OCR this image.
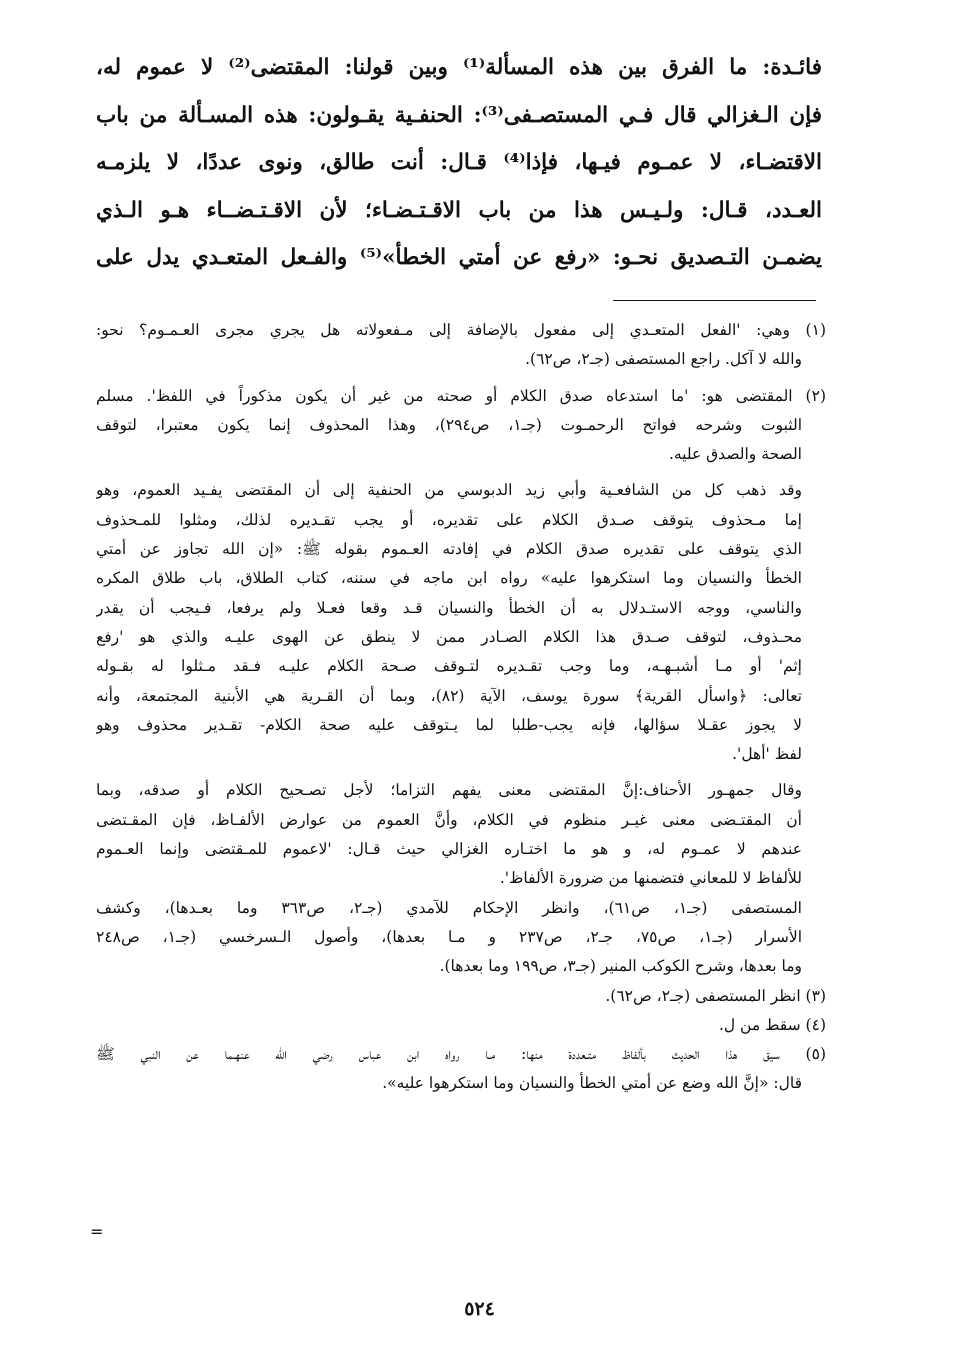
فائـدة: ما الفرق بين هذه المسألة⁽¹⁾ وبين قولنا: المقتضى⁽²⁾ لا عموم له،
فإن الـغزالي قال فـي المستصـفى⁽³⁾: الحنفـية يقـولون: هذه المسـألة من باب
الاقتضـاء، لا عمـوم فيـها، فإذا⁽⁴⁾ قـال: أنت طالق، ونوى عددًا، لا يلزمـه
العـدد، قـال: ولـيـس هذا من باب الاقـتـضـاء؛ لأن الاقـتـضــاء هـو الـذي
يضمـن التـصديق نحـو: «رفع عن أمتي الخطأ»⁽⁵⁾ والفـعل المتعـدي يدل على
(١) وهي: 'الفعل المتعـدي إلى مفعول بالإضافة إلى مـفعولاته هل يجري مجرى العـمـوم؟ نحو:
والله لا آكل. راجع المستصفى (جـ٢، ص٦٢).
(٢) المقتضى هو: 'ما استدعاه صدق الكلام أو صحته من غير أن يكون مذكوراً في اللفظ'. مسلم
الثبوت وشرحه فواتح الرحمـوت (جـ١، ص٢٩٤)، وهذا المحذوف إنما يكون معتبرا، لتوقف
الصحة والصدق عليه.
وقد ذهب كل من الشافعـية وأبي زيد الدبوسي من الحنفية إلى أن المقتضى يفـيد العموم، وهو
إما مـحذوف يتوقف صـدق الكلام على تقديره، أو يجب تقـديره لذلك، ومثلوا للمـحذوف
الذي يتوقف على تقديره صدق الكلام في إفادته العـموم بقوله ﷺ: «إن الله تجاوز عن أمتي
الخطأ والنسيان وما استكرهوا عليه» رواه ابن ماجه في سننه، كتاب الطلاق، باب طلاق المكره
والناسي، ووجه الاستـدلال به أن الخطأ والنسيان قـد وقعا فعـلا ولم يرفعا، فـيجب أن يقدر
محـذوف، لتوقف صـدق هذا الكلام الصـادر ممن لا ينطق عن الهوى عليـه والذي هو 'رفع
إثم' أو مـا أشبـهـه، وما وجب تقـديره لتـوقف صـحة الكلام عليـه فـقد مـثلوا له بقـوله
تعالى: ﴿واسأل القرية﴾ سورة يوسف، الآية (٨٢)، وبما أن القـرية هي الأبنية المجتمعة، وأنه
لا يجوز عقـلا سؤالها، فإنه يجب-طلبا لما يـتوقف عليه صحة الكلام- تقـدير محذوف وهو
لفظ 'أهل'.
وقال جمهـور الأحناف:إنَّ المقتضى معنى يفهم التزاما؛ لأجل تصـحيح الكلام أو صدقه، وبما
أن المقتـضى معنى غيـر منظوم في الكلام، وأنَّ العموم من عوارض الألفـاظ، فإن المقـتضى
عندهم لا عمـوم له، و هو ما اختـاره الغزالي حيث قـال: 'لاعموم للمـقتضى وإنما العـموم
للألفاظ لا للمعاني فتضمنها من ضرورة الألفاظ'.
المستصفى (جـ١، ص٦١)، وانظر الإحكام للآمدي (جـ٢، ص٣٦٣ وما بعـدها)، وكشف
الأسرار (جـ١، ص٧٥، جـ٢، ص٢٣٧ و مـا بعدها)، وأصول الـسرخسي (جـ١، ص٢٤٨
وما بعدها، وشرح الكوكب المنير (جـ٣، ص١٩٩ وما بعدها).
(٣) انظر المستصفى (جـ٢، ص٦٢).
(٤) سقط من ل.
(٥) سيق هذا الحديث بألفاظ متـعددة منها: مـا رواه ابن عباس رضي الله عنهـما عن النبي ﷺ
قال: «إنَّ الله وضع عن أمتي الخطأ والنسيان وما استكرهوا عليه».
=
٥٢٤
